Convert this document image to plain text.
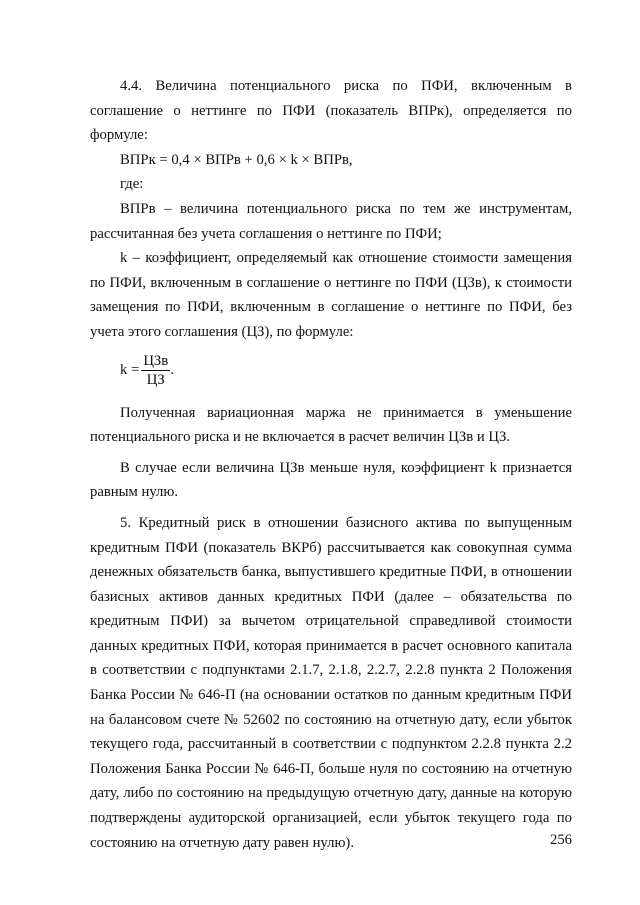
4.4. Величина потенциального риска по ПФИ, включенным в соглашение о неттинге по ПФИ (показатель ВПРк), определяется по формуле:

ВПРк = 0,4 × ВПРв + 0,6 × k × ВПРв,

где:

ВПРв – величина потенциального риска по тем же инструментам, рассчитанная без учета соглашения о неттинге по ПФИ;

k – коэффициент, определяемый как отношение стоимости замещения по ПФИ, включенным в соглашение о неттинге по ПФИ (ЦЗв), к стоимости замещения по ПФИ, включенным в соглашение о неттинге по ПФИ, без учета этого соглашения (ЦЗ), по формуле:

$k = \frac{\text{ЦЗв}}{ЦЗ}$ .

Полученная вариационная маржа не принимается в уменьшение потенциального риска и не включается в расчет величин ЦЗв и ЦЗ.

В случае если величина ЦЗв меньше нуля, коэффициент k признается равным нулю.

5. Кредитный риск в отношении базисного актива по выпущенным кредитным ПФИ (показатель ВКРб) рассчитывается как совокупная сумма денежных обязательств банка, выпустившего кредитные ПФИ, в отношении базисных активов данных кредитных ПФИ (далее – обязательства по кредитным ПФИ) за вычетом отрицательной справедливой стоимости данных кредитных ПФИ, которая принимается в расчет основного капитала в соответствии с подпунктами 2.1.7, 2.1.8, 2.2.7, 2.2.8 пункта 2 Положения Банка России № 646-П (на основании остатков по данным кредитным ПФИ на балансовом счете № 52602 по состоянию на отчетную дату, если убыток текущего года, рассчитанный в соответствии с подпунктом 2.2.8 пункта 2.2 Положения Банка России № 646-П, больше нуля по состоянию на отчетную дату, либо по состоянию на предыдущую отчетную дату, данные на которую подтверждены аудиторской организацией, если убыток текущего года по состоянию на отчетную дату равен нулю).	256
